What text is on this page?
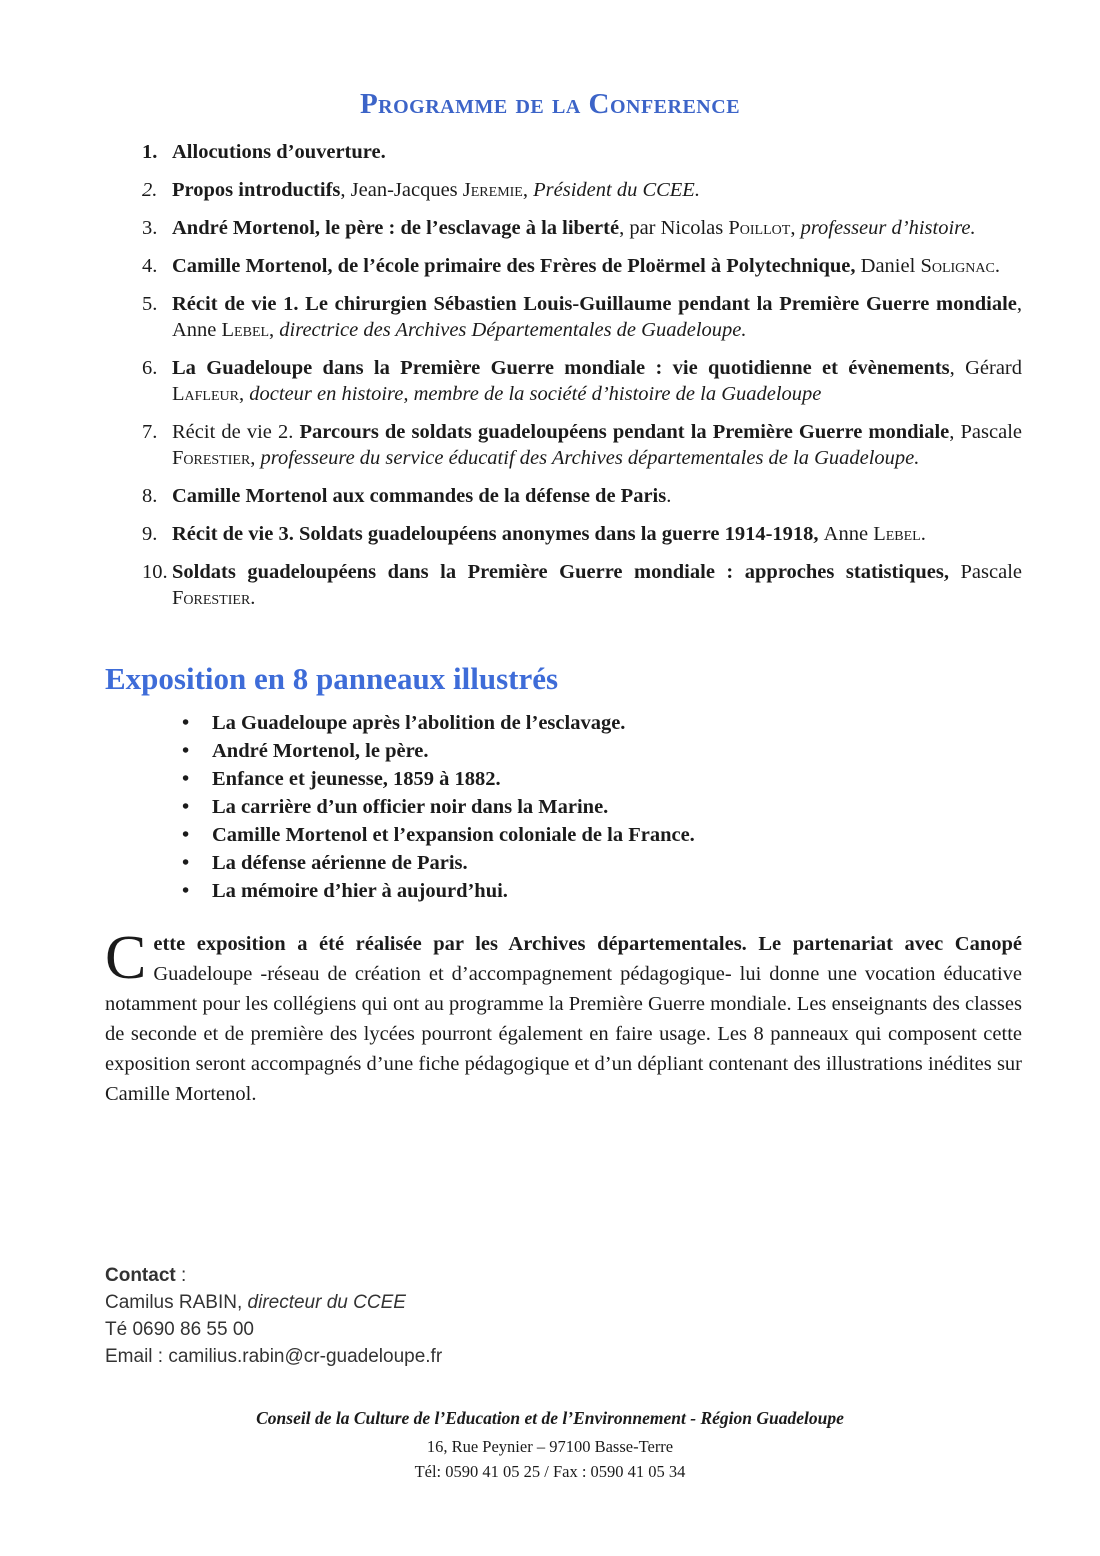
Programme de la Conference
1. Allocutions d’ouverture.
2. Propos introductifs, Jean-Jacques Jeremie, Président du CCEE.
3. André Mortenol, le père : de l’esclavage à la liberté, par Nicolas Poillot, professeur d’histoire.
4. Camille Mortenol, de l’école primaire des Frères de Ploërmel à Polytechnique, Daniel Solignac.
5. Récit de vie 1. Le chirurgien Sébastien Louis-Guillaume pendant la Première Guerre mondiale, Anne Lebel, directrice des Archives Départementales de Guadeloupe.
6. La Guadeloupe dans la Première Guerre mondiale : vie quotidienne et évènements, Gérard Lafleur, docteur en histoire, membre de la société d’histoire de la Guadeloupe
7. Récit de vie 2. Parcours de soldats guadeloupéens pendant la Première Guerre mondiale, Pascale Forestier, professeure du service éducatif des Archives départementales de la Guadeloupe.
8. Camille Mortenol aux commandes de la défense de Paris.
9. Récit de vie 3. Soldats guadeloupéens anonymes dans la guerre 1914-1918, Anne Lebel.
10. Soldats guadeloupéens dans la Première Guerre mondiale : approches statistiques, Pascale Forestier.
Exposition en 8 panneaux illustrés
• La Guadeloupe après l’abolition de l’esclavage.
• André Mortenol, le père.
• Enfance et jeunesse, 1859 à 1882.
• La carrière d’un officier noir dans la Marine.
• Camille Mortenol et l’expansion coloniale de la France.
• La défense aérienne de Paris.
• La mémoire d’hier à aujourd’hui.

Cette exposition a été réalisée par les Archives départementales. Le partenariat avec Canopé Guadeloupe -réseau de création et d’accompagnement pédagogique- lui donne une vocation éducative notamment pour les collégiens qui ont au programme la Première Guerre mondiale. Les enseignants des classes de seconde et de première des lycées pourront également en faire usage. Les 8 panneaux qui composent cette exposition seront accompagnés d’une fiche pédagogique et d’un dépliant contenant des illustrations inédites sur Camille Mortenol.

Contact :
Camilus RABIN, directeur du CCEE
Té 0690 86 55 00
Email : camilius.rabin@cr-guadeloupe.fr
Conseil de la Culture de l’Education et de l’Environnement - Région Guadeloupe
16, Rue Peynier – 97100 Basse-Terre
Tél: 0590 41 05 25 / Fax : 0590 41 05 34
